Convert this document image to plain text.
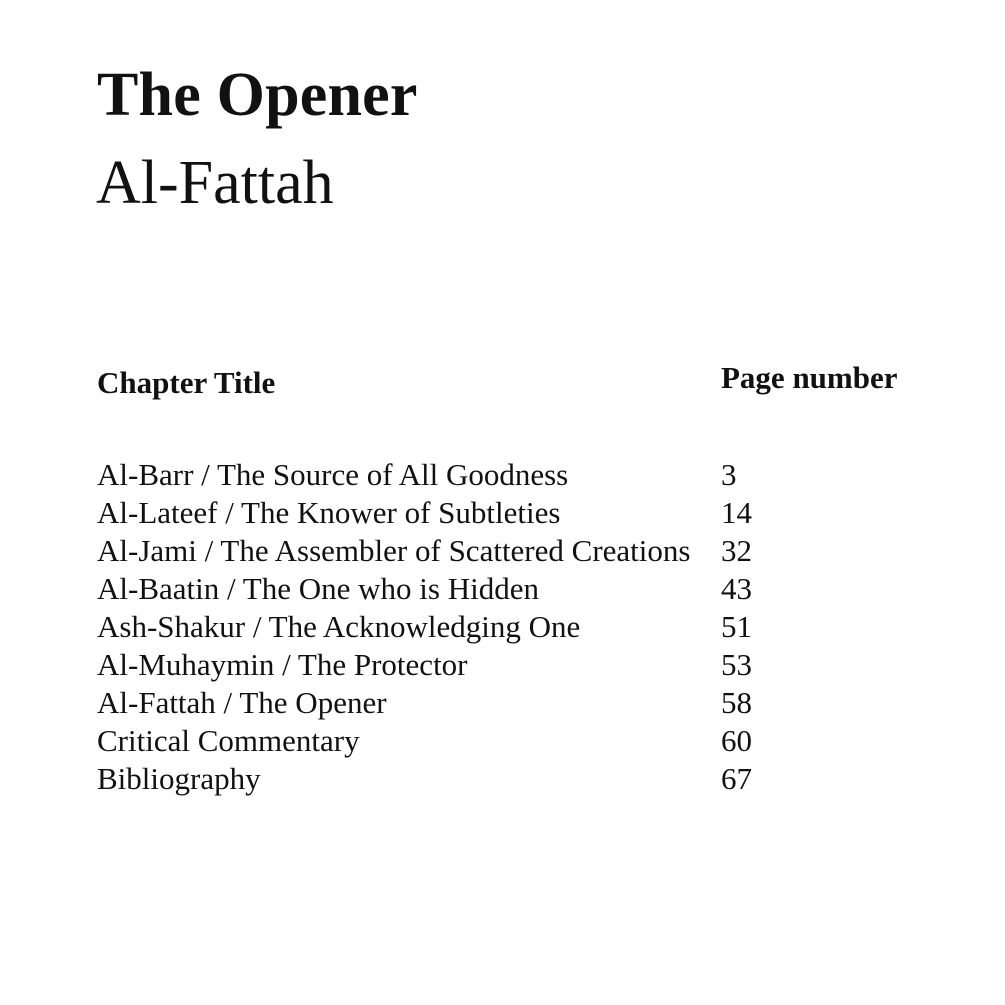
The Opener
Al-Fattah
Chapter Title	Page number
Al-Barr / The Source of All Goodness	3
Al-Lateef / The Knower of Subtleties	14
Al-Jami / The Assembler of Scattered Creations 32
Al-Baatin / The One who is Hidden	43
Ash-Shakur / The Acknowledging One	51
Al-Muhaymin / The Protector	53
Al-Fattah / The Opener	58
Critical Commentary	60
Bibliography	67
